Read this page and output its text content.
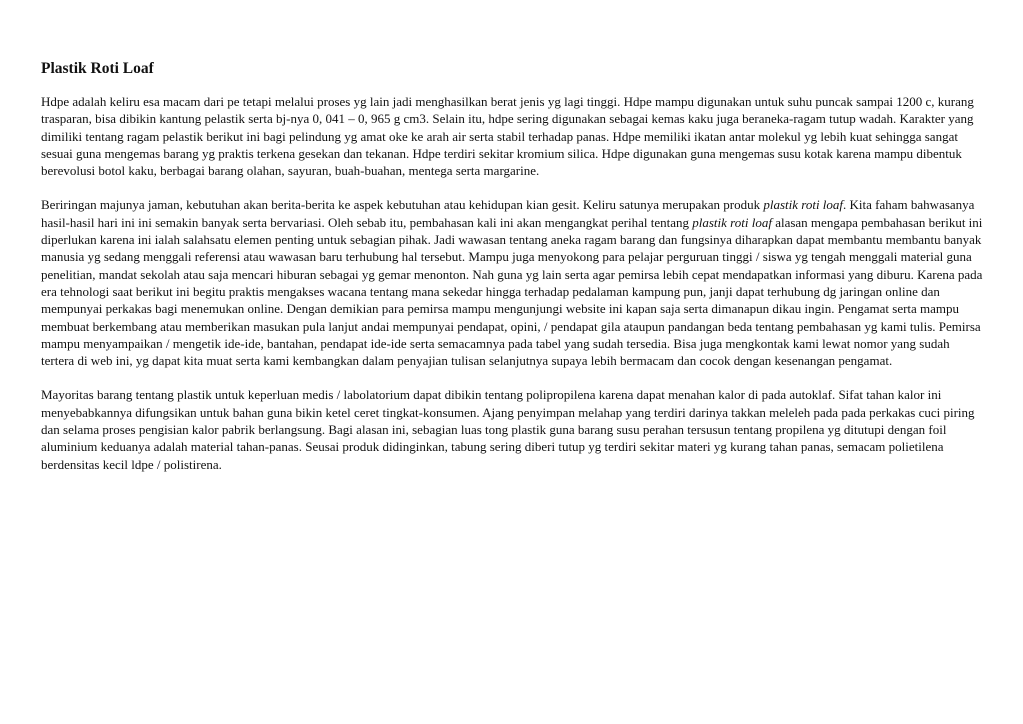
Plastik Roti Loaf

Hdpe adalah keliru esa macam dari pe tetapi melalui proses yg lain jadi menghasilkan berat jenis yg lagi tinggi. Hdpe mampu digunakan untuk suhu puncak sampai 1200 c, kurang trasparan, bisa dibikin kantung pelastik serta bj-nya 0, 041 – 0, 965 g cm3. Selain itu, hdpe sering digunakan sebagai kemas kaku juga beraneka-ragam tutup wadah. Karakter yang dimiliki tentang ragam pelastik berikut ini bagi pelindung yg amat oke ke arah air serta stabil terhadap panas. Hdpe memiliki ikatan antar molekul yg lebih kuat sehingga sangat sesuai guna mengemas barang yg praktis terkena gesekan dan tekanan. Hdpe terdiri sekitar kromium silica. Hdpe digunakan guna mengemas susu kotak karena mampu dibentuk berevolusi botol kaku, berbagai barang olahan, sayuran, buah-buahan, mentega serta margarine.

Beriringan majunya jaman, kebutuhan akan berita-berita ke aspek kebutuhan atau kehidupan kian gesit. Keliru satunya merupakan produk plastik roti loaf. Kita faham bahwasanya hasil-hasil hari ini ini semakin banyak serta bervariasi. Oleh sebab itu, pembahasan kali ini akan mengangkat perihal tentang plastik roti loaf alasan mengapa pembahasan berikut ini diperlukan karena ini ialah salahsatu elemen penting untuk sebagian pihak. Jadi wawasan tentang aneka ragam barang dan fungsinya diharapkan dapat membantu membantu banyak manusia yg sedang menggali referensi atau wawasan baru terhubung hal tersebut. Mampu juga menyokong para pelajar perguruan tinggi / siswa yg tengah menggali material guna penelitian, mandat sekolah atau saja mencari hiburan sebagai yg gemar menonton. Nah guna yg lain serta agar pemirsa lebih cepat mendapatkan informasi yang diburu. Karena pada era tehnologi saat berikut ini begitu praktis mengakses wacana tentang mana sekedar hingga terhadap pedalaman kampung pun, janji dapat terhubung dg jaringan online dan mempunyai perkakas bagi menemukan online. Dengan demikian para pemirsa mampu mengunjungi website ini kapan saja serta dimanapun dikau ingin. Pengamat serta mampu membuat berkembang atau memberikan masukan pula lanjut andai mempunyai pendapat, opini, / pendapat gila ataupun pandangan beda tentang pembahasan yg kami tulis. Pemirsa mampu menyampaikan / mengetik ide-ide, bantahan, pendapat ide-ide serta semacamnya pada tabel yang sudah tersedia. Bisa juga mengkontak kami lewat nomor yang sudah tertera di web ini, yg dapat kita muat serta kami kembangkan dalam penyajian tulisan selanjutnya supaya lebih bermacam dan cocok dengan kesenangan pengamat.

Mayoritas barang tentang plastik untuk keperluan medis / labolatorium dapat dibikin tentang polipropilena karena dapat menahan kalor di pada autoklaf. Sifat tahan kalor ini menyebabkannya difungsikan untuk bahan guna bikin ketel ceret tingkat-konsumen. Ajang penyimpan melahap yang terdiri darinya takkan meleleh pada pada perkakas cuci piring dan selama proses pengisian kalor pabrik berlangsung. Bagi alasan ini, sebagian luas tong plastik guna barang susu perahan tersusun tentang propilena yg ditutupi dengan foil aluminium keduanya adalah material tahan-panas. Seusai produk didinginkan, tabung sering diberi tutup yg terdiri sekitar materi yg kurang tahan panas, semacam polietilena berdensitas kecil ldpe / polistirena.
